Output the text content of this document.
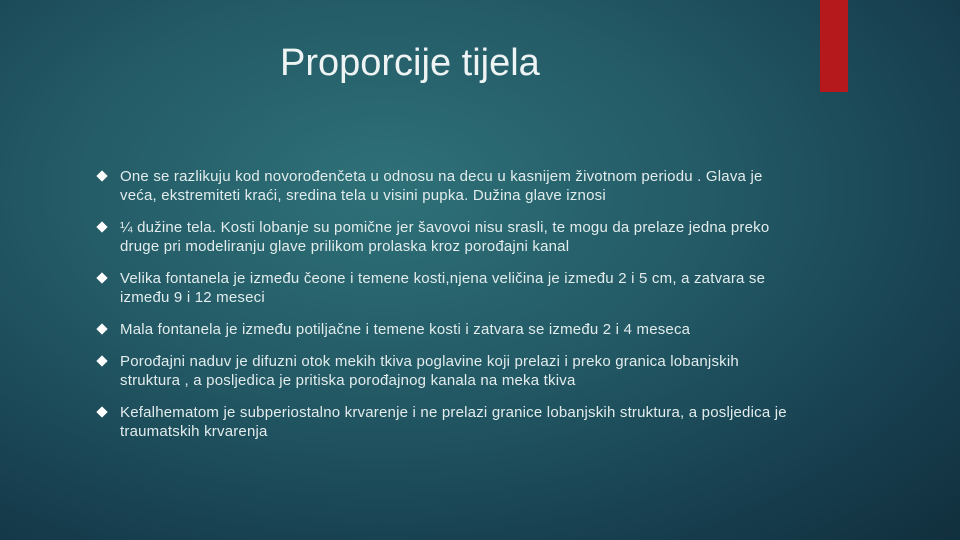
Proporcije tijela
One se razlikuju kod novorođenčeta u odnosu na decu u kasnijem životnom periodu . Glava je veća, ekstremiteti kraći, sredina tela u visini pupka. Dužina glave iznosi
¼ dužine tela. Kosti lobanje su pomične jer šavovoi nisu srasli, te mogu da prelaze jedna preko druge pri modeliranju glave prilikom prolaska kroz porođajni kanal
Velika fontanela je između čeone i temene kosti,njena veličina je između 2 i 5 cm, a zatvara se između 9 i 12 meseci
Mala fontanela je između potiljačne i temene kosti i zatvara se između 2 i 4 meseca
Porođajni naduv je difuzni otok mekih tkiva poglavine koji prelazi i preko granica lobanjskih struktura , a posljedica je pritiska porođajnog kanala na meka tkiva
Kefalhematom je subperiostalno krvarenje i ne prelazi granice lobanjskih struktura, a posljedica je traumatskih krvarenja
